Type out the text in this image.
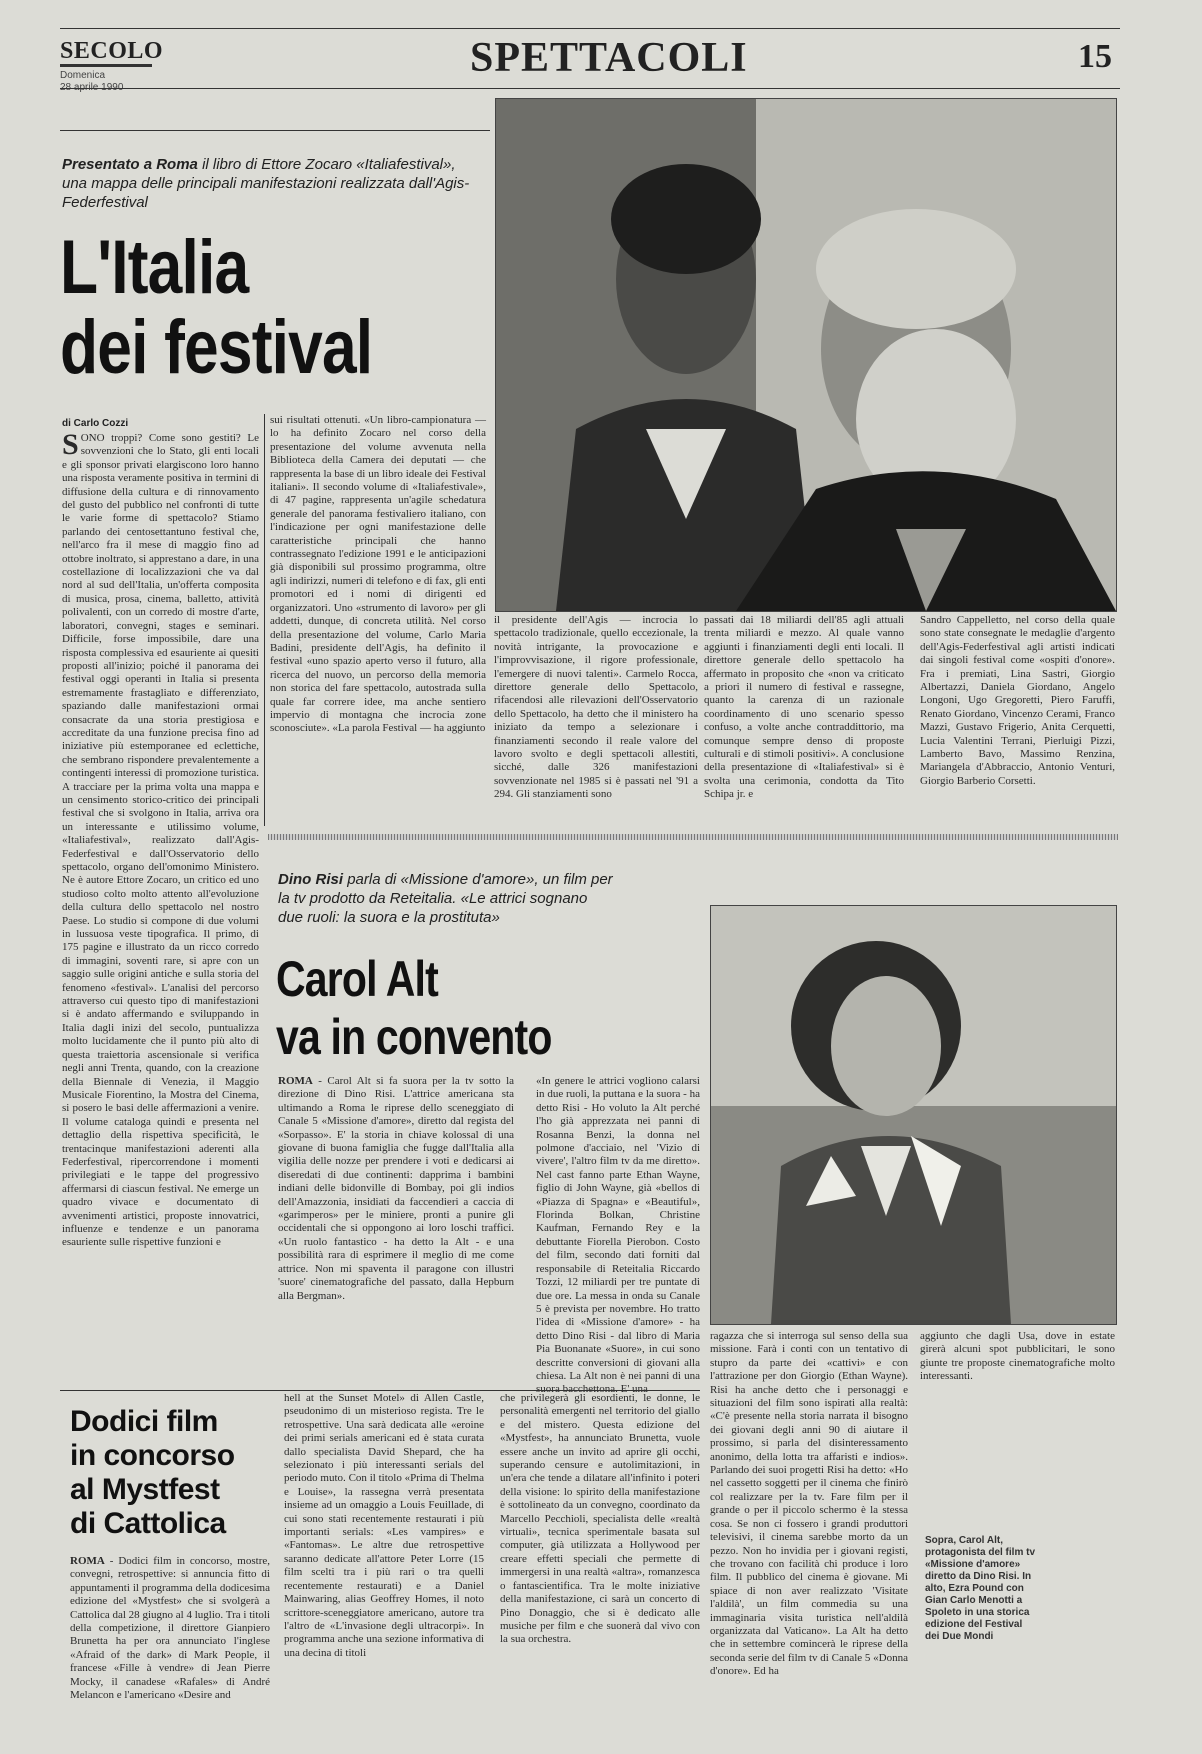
SECOLO
Domenica	SPETTACOLI	15
Presentato a Roma il libro di Ettore Zocaro «Italiafestival», una mappa delle principali manifestazioni realizzata dall'Agis-Federfestival
L'Italia
dei festival
di Carlo Cozzi
SONO troppi? Come sono gestiti? Le sovvenzioni che lo Stato, gli enti locali e gli sponsor privati elargiscono loro hanno una risposta veramente positiva in termini di diffusione della cultura e di rinnovamento del gusto del pubblico nel confronti di tutte le varie forme di spettacolo? Stiamo parlando dei centosettantuno festival che, nell'arco fra il mese di maggio fino ad ottobre inoltrato, si apprestano a dare, in una costellazione di localizzazioni che va dal nord al sud dell'Italia, un'offerta composita di musica, prosa, cinema, balletto, attività polivalenti, con un corredo di mostre d'arte, laboratori, convegni, stages e seminari. Difficile, forse impossibile, dare una risposta complessiva ed esauriente ai quesiti proposti all'inizio; poiché il panorama dei festival oggi operanti in Italia si presenta estremamente frastagliato e differenziato, spaziando dalle manifestazioni ormai consacrate da una storia prestigiosa e accreditate da una funzione precisa fino ad iniziative più estemporanee ed eclettiche, che sembrano rispondere prevalentemente a contingenti interessi di promozione turistica. A tracciare per la prima volta una mappa e un censimento storico-critico dei principali festival che si svolgono in Italia, arriva ora un interessante e utilissimo volume, «Italiafestival», realizzato dall'Agis-Federfestival e dall'Osservatorio dello spettacolo, organo dell'omonimo Ministero. Ne è autore Ettore Zocaro, un critico ed uno studioso colto molto attento all'evoluzione della cultura dello spettacolo nel nostro Paese. Lo studio si compone di due volumi in lussuosa veste tipografica. Il primo, di 175 pagine e illustrato da un ricco corredo di immagini, soventi rare, si apre con un saggio sulle origini antiche e sulla storia del fenomeno «festival». L'analisi del percorso attraverso cui questo tipo di manifestazioni si è andato affermando e sviluppando in Italia dagli inizi del secolo, puntualizza molto lucidamente che il punto più alto di questa traiettoria ascensionale si verifica negli anni Trenta, quando, con la creazione della Biennale di Venezia, il Maggio Musicale Fiorentino, la Mostra del Cinema, si posero le basi delle affermazioni a venire. Il volume cataloga quindi e presenta nel dettaglio della rispettiva specificità, le trentacinque manifestazioni aderenti alla Federfestival, ripercorrendone i momenti privilegiati e le tappe del progressivo affermarsi di ciascun festival. Ne emerge un quadro vivace e documentato di avvenimenti artistici, proposte innovatrici, influenze e tendenze e un panorama esauriente sulle rispettive funzioni e
sui risultati ottenuti. «Un libro-campionatura — lo ha definito Zocaro nel corso della presentazione del volume avvenuta nella Biblioteca della Camera dei deputati — che rappresenta la base di un libro ideale dei Festival italiani». Il secondo volume di «Italiafestivale», di 47 pagine, rappresenta un'agile schedatura generale del panorama festivaliero italiano, con l'indicazione per ogni manifestazione delle caratteristiche principali che hanno contrassegnato l'edizione 1991 e le anticipazioni già disponibili sul prossimo programma, oltre agli indirizzi, numeri di telefono e di fax, gli enti promotori ed i nomi di dirigenti ed organizzatori. Uno «strumento di lavoro» per gli addetti, dunque, di concreta utilità. Nel corso della presentazione del volume, Carlo Maria Badini, presidente dell'Agis, ha definito il festival «uno spazio aperto verso il futuro, alla ricerca del nuovo, un percorso della memoria non storica del fare spettacolo, autostrada sulla quale far correre idee, ma anche sentiero impervio di montagna che incrocia zone sconosciute». «La parola Festival — ha aggiunto
il presidente dell'Agis — incrocia lo spettacolo tradizionale, quello eccezionale, la novità intrigante, la provocazione e l'improvvisazione, il rigore professionale, l'emergere di nuovi talenti». Carmelo Rocca, direttore generale dello Spettacolo, rifacendosi alle rilevazioni dell'Osservatorio dello Spettacolo, ha detto che il ministero ha iniziato da tempo a selezionare i finanziamenti secondo il reale valore del lavoro svolto e degli spettacoli allestiti, sicché, dalle 326 manifestazioni sovvenzionate nel 1985 si è passati nel '91 a 294. Gli stanziamenti sono
passati dai 18 miliardi dell'85 agli attuali trenta miliardi e mezzo. Al quale vanno aggiunti i finanziamenti degli enti locali. Il direttore generale dello spettacolo ha affermato in proposito che «non va criticato a priori il numero di festival e rassegne, quanto la carenza di un razionale coordinamento di uno scenario spesso confuso, a volte anche contraddittorio, ma comunque sempre denso di proposte culturali e di stimoli positivi». A conclusione della presentazione di «Italiafestival» si è svolta una cerimonia, condotta da Tito Schipa jr. e
Sandro Cappelletto, nel corso della quale sono state consegnate le medaglie d'argento dell'Agis-Federfestival agli artisti indicati dai singoli festival come «ospiti d'onore». Fra i premiati, Lina Sastri, Giorgio Albertazzi, Daniela Giordano, Angelo Longoni, Ugo Gregoretti, Piero Faruffi, Renato Giordano, Vincenzo Cerami, Franco Mazzi, Gustavo Frigerio, Anita Cerquetti, Lucia Valentini Terrani, Pierluigi Pizzi, Lamberto Bavo, Massimo Renzina, Mariangela d'Abbraccio, Antonio Venturi, Giorgio Barberio Corsetti.
Dino Risi parla di «Missione d'amore», un film per la tv prodotto da Reteitalia. «Le attrici sognano due ruoli: la suora e la prostituta»
Carol Alt
va in convento
ROMA - Carol Alt si fa suora per la tv sotto la direzione di Dino Risi. L'attrice americana sta ultimando a Roma le riprese dello sceneggiato di Canale 5 «Missione d'amore», diretto dal regista del «Sorpasso». E' la storia in chiave kolossal di una giovane di buona famiglia che fugge dall'Italia alla vigilia delle nozze per prendere i voti e dedicarsi ai diseredati di due continenti: dapprima i bambini indiani delle bidonville di Bombay, poi gli indios dell'Amazzonia, insidiati da faccendieri a caccia di «garimperos» per le miniere, pronti a punire gli occidentali che si oppongono ai loro loschi traffici. «Un ruolo fantastico - ha detto la Alt - e una possibilità rara di esprimere il meglio di me come attrice. Non mi spaventa il paragone con illustri 'suore' cinematografiche del passato, dalla Hepburn alla Bergman».
«In genere le attrici vogliono calarsi in due ruoli, la puttana e la suora - ha detto Risi - Ho voluto la Alt perché l'ho già apprezzata nei panni di Rosanna Benzi, la donna nel polmone d'acciaio, nel 'Vizio di vivere', l'altro film tv da me diretto». Nel cast fanno parte Ethan Wayne, figlio di John Wayne, già «bellos di «Piazza di Spagna» e «Beautiful», Florinda Bolkan, Christine Kaufman, Fernando Rey e la debuttante Fiorella Pierobon. Costo del film, secondo dati forniti dal responsabile di Reteitalia Riccardo Tozzi, 12 miliardi per tre puntate di due ore. La messa in onda su Canale 5 è prevista per novembre. Ho tratto l'idea di «Missione d'amore» - ha detto Dino Risi - dal libro di Maria Pia Buonanate «Suore», in cui sono descritte conversioni di giovani alla chiesa. La Alt non è nei panni di una
ragazza che si interroga sul senso della sua missione. Farà i conti con un tentativo di stupro da parte dei «cattivi» e con l'attrazione per don Giorgio (Ethan Wayne). Risi ha anche detto che i personaggi e situazioni del film sono ispirati alla realtà: «C'è presente nella storia narrata il bisogno dei giovani degli anni 90 di aiutare il prossimo, si parla del disinteressamento anonimo, della lotta tra affaristi e indios». Parlando dei suoi progetti Risi ha detto: «Ho nel cassetto soggetti per il cinema che finirò col realizzare per la tv. Fare film per il grande o per il piccolo schermo è la stessa cosa. Se non ci fossero i grandi produttori televisivi, il cinema sarebbe morto da un pezzo. Non ho invidia per i giovani registi, che trovano con facilità chi produce i loro film. Il pubblico del cinema è giovane. Mi spiace di non aver realizzato 'Visitate l'aldilà', un film commedia su una immaginaria visita turistica nell'aldilà organizzata dal Vaticano». La Alt ha detto che in settembre comincerà le riprese della seconda serie del film tv di Canale 5 «Donna d'onore». Ed ha
aggiunto che dagli Usa, dove in estate girerà alcuni spot pubblicitari, le sono giunte tre proposte cinematografiche molto interessanti.
Dodici film
in concorso
al Mystfest
di Cattolica
ROMA - Dodici film in concorso, mostre, convegni, retrospettive: si annuncia fitto di appuntamenti il programma della dodicesima edizione del «Mystfest» che si svolgerà a Cattolica dal 28 giugno al 4 luglio. Tra i titoli della competizione, il direttore Gianpiero Brunetta ha per ora annunciato l'inglese «Afraid of the dark» di Mark People, il francese «Fille à vendre» di Jean Pierre Mocky, il canadese «Rafales» di André Melancon e l'americano «Desire and
hell at the Sunset Motel» di Allen Castle, pseudonimo di un misterioso regista. Tre le retrospettive. Una sarà dedicata alle «eroine dei primi serials americani ed è stata curata dallo specialista David Shepard, che ha selezionato i più interessanti serials del periodo muto. Con il titolo «Prima di Thelma e Louise», la rassegna verrà presentata insieme ad un omaggio a Louis Feuillade, di cui sono stati recentemente restaurati i più importanti serials: «Les vampires» e «Fantomas». Le altre due retrospettive saranno dedicate all'attore Peter Lorre (15 film scelti tra i più rari o tra quelli recentemente restaurati) e a Daniel Mainwaring, alias Geoffrey Homes, il noto scrittore-sceneggiatore americano, autore tra l'altro de «L'invasione degli ultracorpi». In programma anche una sezione informativa di una decina di titoli
che privilegerà gli esordienti, le donne, le personalità emergenti nel territorio del giallo e del mistero. Questa edizione del «Mystfest», ha annunciato Brunetta, vuole essere anche un invito ad aprire gli occhi, superando censure e autolimitazioni, in un'era che tende a dilatare all'infinito i poteri della visione: lo spirito della manifestazione è sottolineato da un convegno, coordinato da Marcello Pecchioli, specialista delle «realtà virtuali», tecnica sperimentale basata sul computer, già utilizzata a Hollywood per creare effetti speciali che permette di immergersi in una realtà «altra», romanzesca o fantascientifica. Tra le molte iniziative della manifestazione, ci sarà un concerto di Pino Donaggio, che si è dedicato alle musiche per film e che suonerà dal vivo con la sua orchestra.
Sopra, Carol Alt, protagonista del film tv «Missione d'amore» diretto da Dino Risi. In alto, Ezra Pound con Gian Carlo Menotti a Spoleto in una storica edizione del Festival dei Due Mondi
